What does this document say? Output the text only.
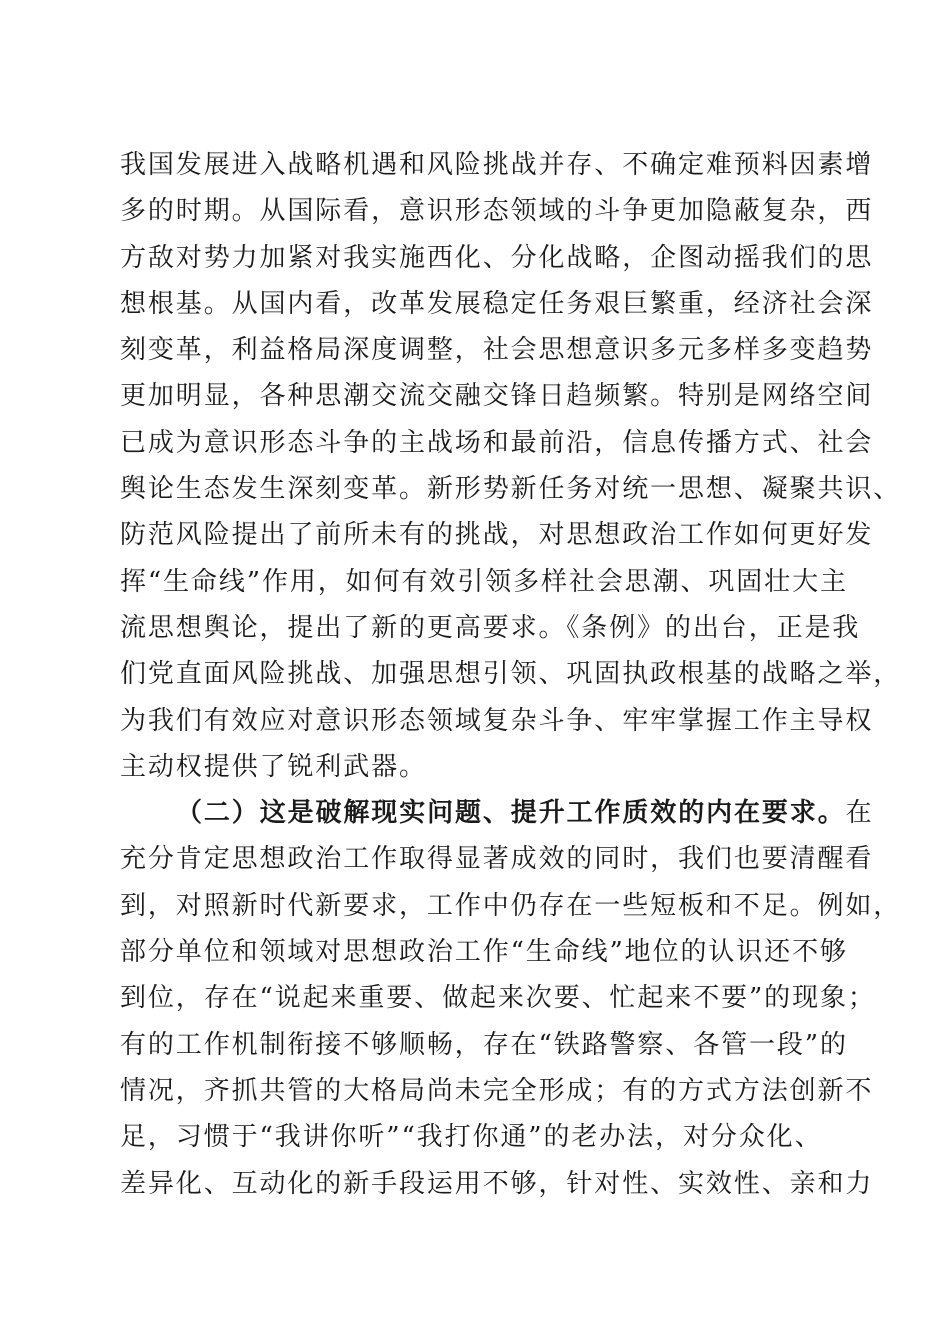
我国发展进入战略机遇和风险挑战并存、不确定难预料因素增
多的时期。从国际看，意识形态领域的斗争更加隐蔽复杂，西
方敌对势力加紧对我实施西化、分化战略，企图动摇我们的思
想根基。从国内看，改革发展稳定任务艰巨繁重，经济社会深
刻变革，利益格局深度调整，社会思想意识多元多样多变趋势
更加明显，各种思潮交流交融交锋日趋频繁。特别是网络空间
已成为意识形态斗争的主战场和最前沿，信息传播方式、社会
舆论生态发生深刻变革。新形势新任务对统一思想、凝聚共识、
防范风险提出了前所未有的挑战，对思想政治工作如何更好发
挥“生命线”作用，如何有效引领多样社会思潮、巩固壮大主
流思想舆论，提出了新的更高要求。《条例》的出台，正是我
们党直面风险挑战、加强思想引领、巩固执政根基的战略之举，
为我们有效应对意识形态领域复杂斗争、牢牢掌握工作主导权
主动权提供了锐利武器。
（二）这是破解现实问题、提升工作质效的内在要求。在
充分肯定思想政治工作取得显著成效的同时，我们也要清醒看
到，对照新时代新要求，工作中仍存在一些短板和不足。例如，
部分单位和领域对思想政治工作“生命线”地位的认识还不够
到位，存在“说起来重要、做起来次要、忙起来不要”的现象；
有的工作机制衔接不够顺畅，存在“铁路警察、各管一段”的
情况，齐抓共管的大格局尚未完全形成；有的方式方法创新不
足，习惯于“我讲你听”“我打你通”的老办法，对分众化、
差异化、互动化的新手段运用不够，针对性、实效性、亲和力
